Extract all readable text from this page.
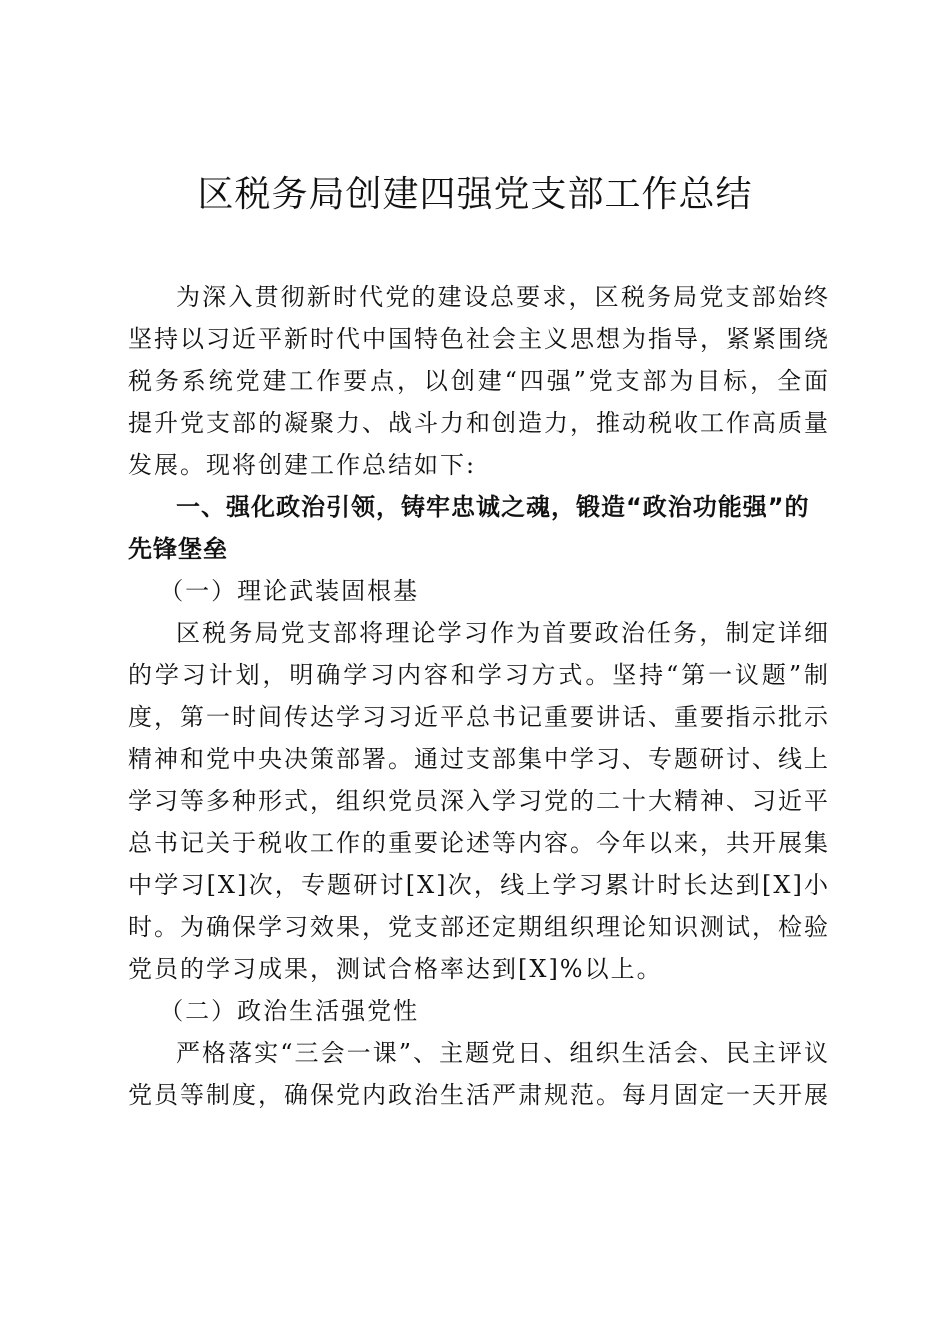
区税务局创建四强党支部工作总结

为深入贯彻新时代党的建设总要求，区税务局党支部始终坚持以习近平新时代中国特色社会主义思想为指导，紧紧围绕税务系统党建工作要点，以创建“四强”党支部为目标，全面提升党支部的凝聚力、战斗力和创造力，推动税收工作高质量发展。现将创建工作总结如下:

一、强化政治引领，铸牢忠诚之魂，锻造“政治功能强”的先锋堡垒

（一）理论武装固根基

区税务局党支部将理论学习作为首要政治任务，制定详细的学习计划，明确学习内容和学习方式。坚持“第一议题”制度，第一时间传达学习习近平总书记重要讲话、重要指示批示精神和党中央决策部署。通过支部集中学习、专题研讨、线上学习等多种形式，组织党员深入学习党的二十大精神、习近平总书记关于税收工作的重要论述等内容。今年以来，共开展集中学习[X]次，专题研讨[X]次，线上学习累计时长达到[X]小时。为确保学习效果，党支部还定期组织理论知识测试，检验党员的学习成果，测试合格率达到[X]%以上。

（二）政治生活强党性

严格落实“三会一课”、主题党日、组织生活会、民主评议党员等制度，确保党内政治生活严肃规范。每月固定一天开展
